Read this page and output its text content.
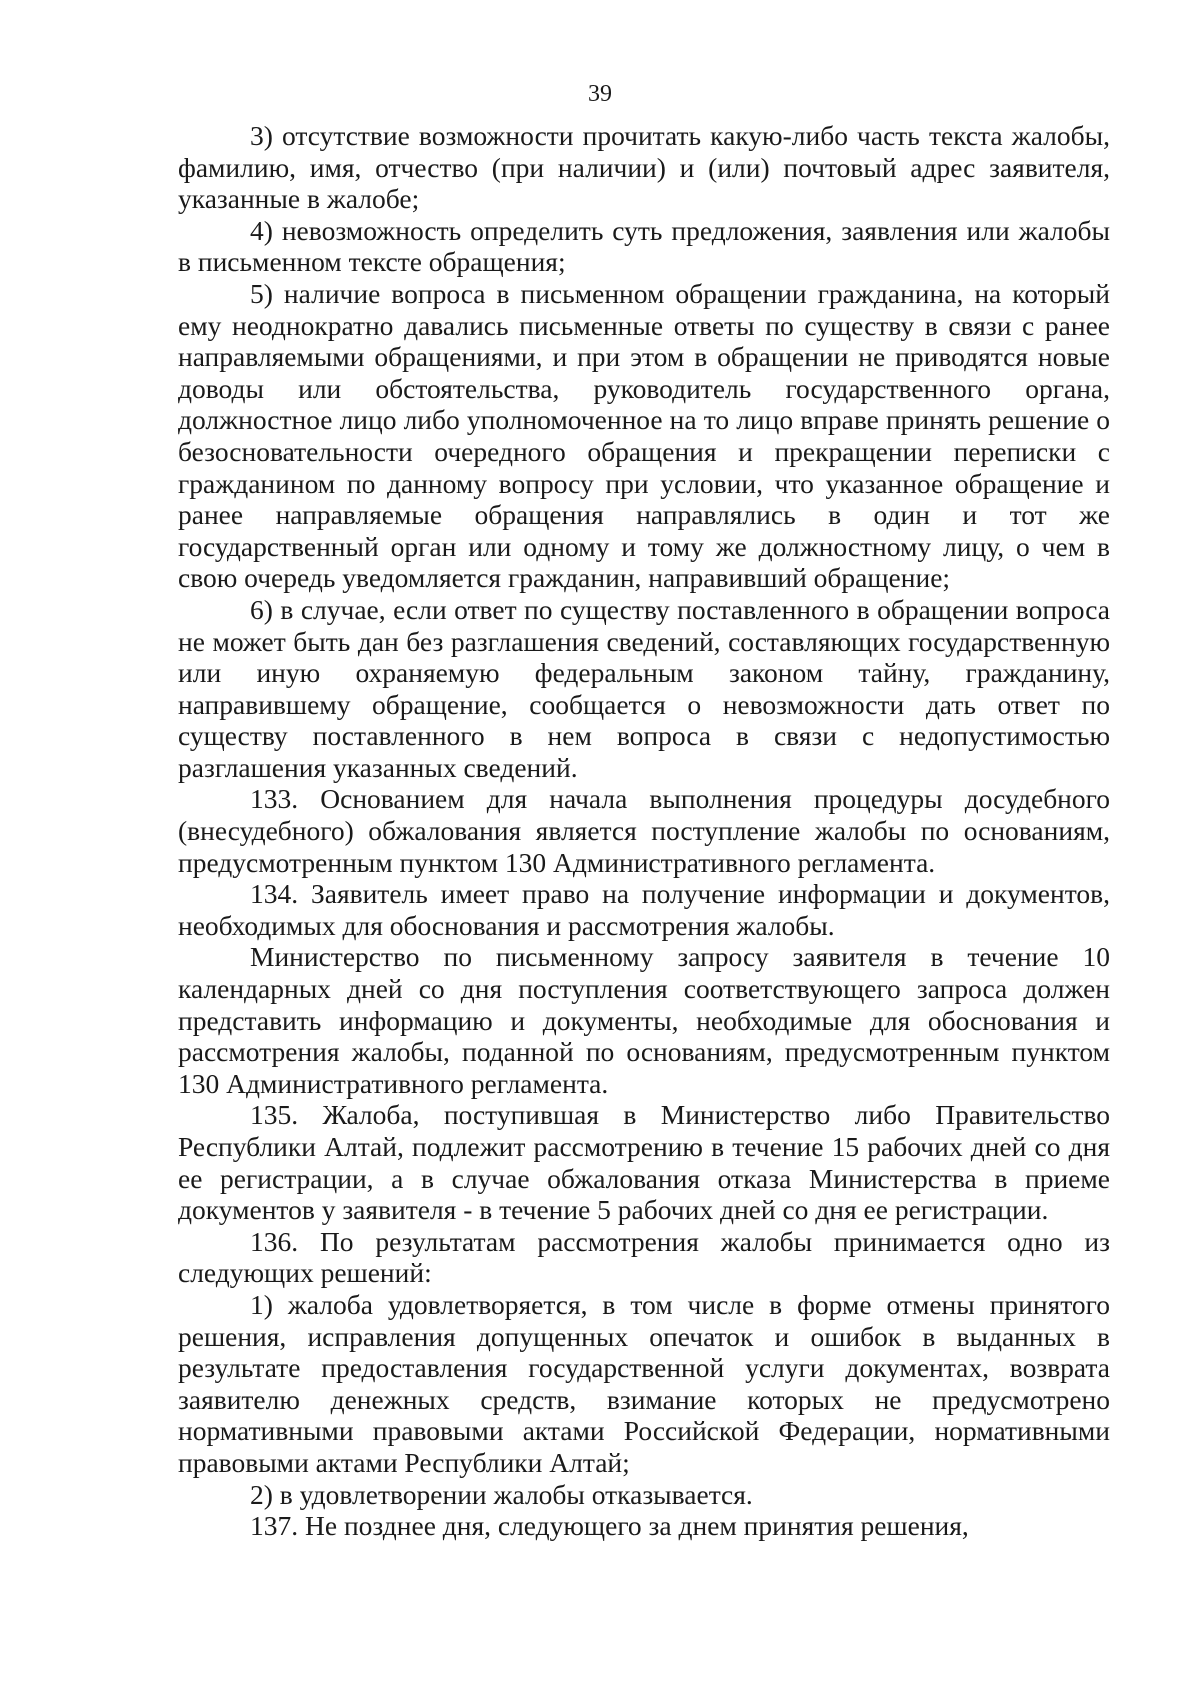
39

3) отсутствие возможности прочитать какую-либо часть текста жалобы, фамилию, имя, отчество (при наличии) и (или) почтовый адрес заявителя, указанные в жалобе;

4) невозможность определить суть предложения, заявления или жалобы в письменном тексте обращения;

5) наличие вопроса в письменном обращении гражданина, на который ему неоднократно давались письменные ответы по существу в связи с ранее направляемыми обращениями, и при этом в обращении не приводятся новые доводы или обстоятельства, руководитель государственного органа, должностное лицо либо уполномоченное на то лицо вправе принять решение о безосновательности очередного обращения и прекращении переписки с гражданином по данному вопросу при условии, что указанное обращение и ранее направляемые обращения направлялись в один и тот же государственный орган или одному и тому же должностному лицу, о чем в свою очередь уведомляется гражданин, направивший обращение;

6) в случае, если ответ по существу поставленного в обращении вопроса не может быть дан без разглашения сведений, составляющих государственную или иную охраняемую федеральным законом тайну, гражданину, направившему обращение, сообщается о невозможности дать ответ по существу поставленного в нем вопроса в связи с недопустимостью разглашения указанных сведений.

133. Основанием для начала выполнения процедуры досудебного (внесудебного) обжалования является поступление жалобы по основаниям, предусмотренным пунктом 130 Административного регламента.

134. Заявитель имеет право на получение информации и документов, необходимых для обоснования и рассмотрения жалобы.

Министерство по письменному запросу заявителя в течение 10 календарных дней со дня поступления соответствующего запроса должен представить информацию и документы, необходимые для обоснования и рассмотрения жалобы, поданной по основаниям, предусмотренным пунктом 130 Административного регламента.

135. Жалоба, поступившая в Министерство либо Правительство Республики Алтай, подлежит рассмотрению в течение 15 рабочих дней со дня ее регистрации, а в случае обжалования отказа Министерства в приеме документов у заявителя - в течение 5 рабочих дней со дня ее регистрации.

136. По результатам рассмотрения жалобы принимается одно из следующих решений:

1) жалоба удовлетворяется, в том числе в форме отмены принятого решения, исправления допущенных опечаток и ошибок в выданных в результате предоставления государственной услуги документах, возврата заявителю денежных средств, взимание которых не предусмотрено нормативными правовыми актами Российской Федерации, нормативными правовыми актами Республики Алтай;

2) в удовлетворении жалобы отказывается.

137. Не позднее дня, следующего за днем принятия решения,
